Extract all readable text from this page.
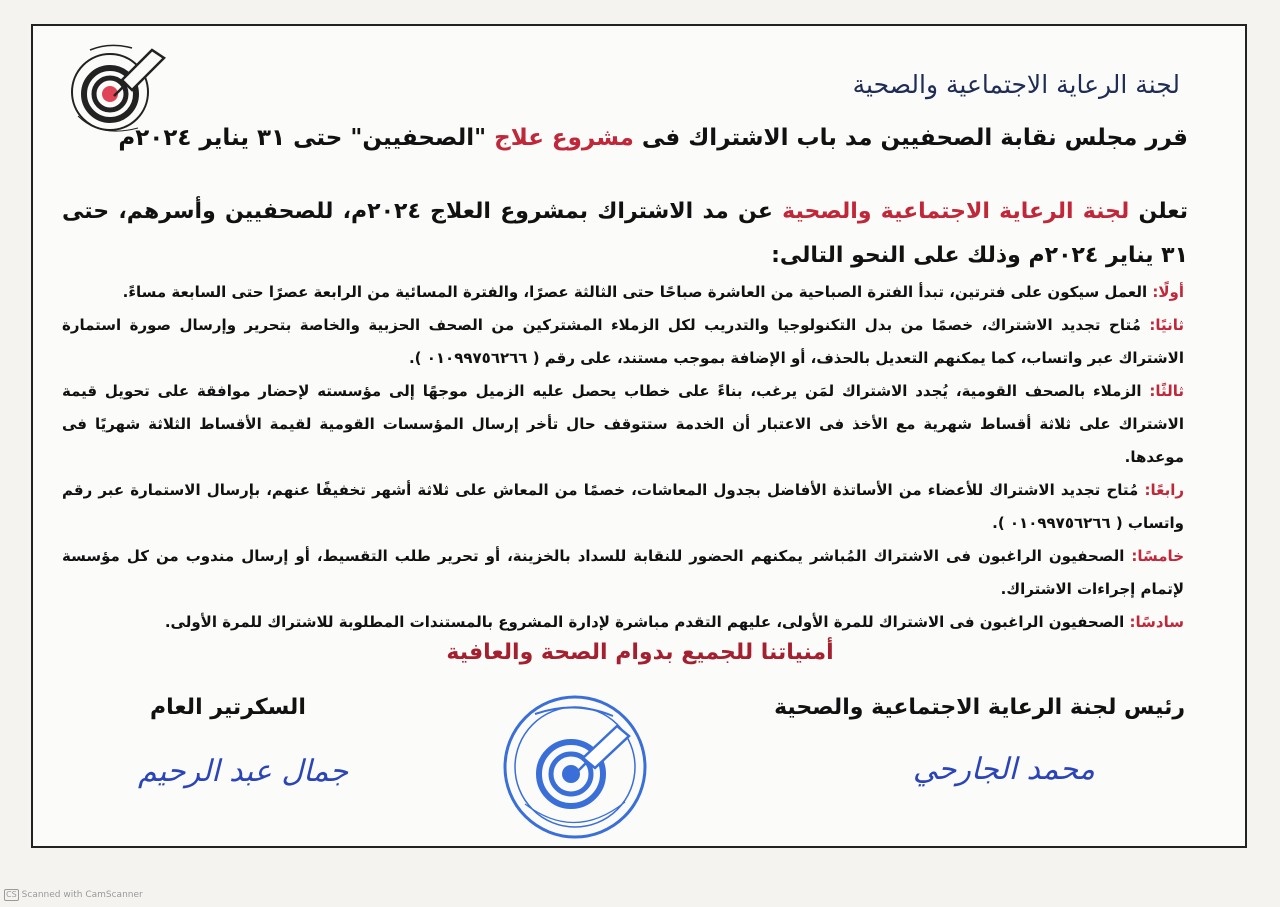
لجنة الرعاية الاجتماعية والصحية
قرر مجلس نقابة الصحفيين مد باب الاشتراك فى مشروع علاج "الصحفيين" حتى ٣١ يناير ٢٠٢٤م
تعلن لجنة الرعاية الاجتماعية والصحية عن مد الاشتراك بمشروع العلاج ٢٠٢٤م، للصحفيين وأسرهم، حتى ٣١ يناير ٢٠٢٤م وذلك على النحو التالى:

أولًا: العمل سيكون على فترتين، تبدأ الفترة الصباحية من العاشرة صباحًا حتى الثالثة عصرًا، والفترة المسائية من الرابعة عصرًا حتى السابعة مساءً.

ثانيًا: مُتاح تجديد الاشتراك، خصمًا من بدل التكنولوجيا والتدريب لكل الزملاء المشتركين من الصحف الحزبية والخاصة بتحرير وإرسال صورة استمارة الاشتراك عبر واتساب، كما يمكنهم التعديل بالحذف، أو الإضافة بموجب مستند، على رقم ( ٠١٠٩٩٧٥٦٢٦٦ ).

ثالثًا: الزملاء بالصحف القومية، يُجدد الاشتراك لمَن يرغب، بناءً على خطاب يحصل عليه الزميل موجهًا إلى مؤسسته لإحضار موافقة على تحويل قيمة الاشتراك على ثلاثة أقساط شهرية مع الأخذ فى الاعتبار أن الخدمة ستتوقف حال تأخر إرسال المؤسسات القومية لقيمة الأقساط الثلاثة شهريًا فى موعدها.

رابعًا: مُتاح تجديد الاشتراك للأعضاء من الأساتذة الأفاضل بجدول المعاشات، خصمًا من المعاش على ثلاثة أشهر تخفيفًا عنهم، بإرسال الاستمارة عبر رقم واتساب ( ٠١٠٩٩٧٥٦٢٦٦ ).

خامسًا: الصحفيون الراغبون فى الاشتراك المُباشر يمكنهم الحضور للنقابة للسداد بالخزينة، أو تحرير طلب التقسيط، أو إرسال مندوب من كل مؤسسة لإتمام إجراءات الاشتراك.

سادسًا: الصحفيون الراغبون فى الاشتراك للمرة الأولى، عليهم التقدم مباشرة لإدارة المشروع بالمستندات المطلوبة للاشتراك للمرة الأولى.

أمنياتنا للجميع بدوام الصحة والعافية
رئيس لجنة الرعاية الاجتماعية والصحية
السكرتير العام
محمد الجارحي
جمال عبد الرحيم
CS Scanned with CamScanner
